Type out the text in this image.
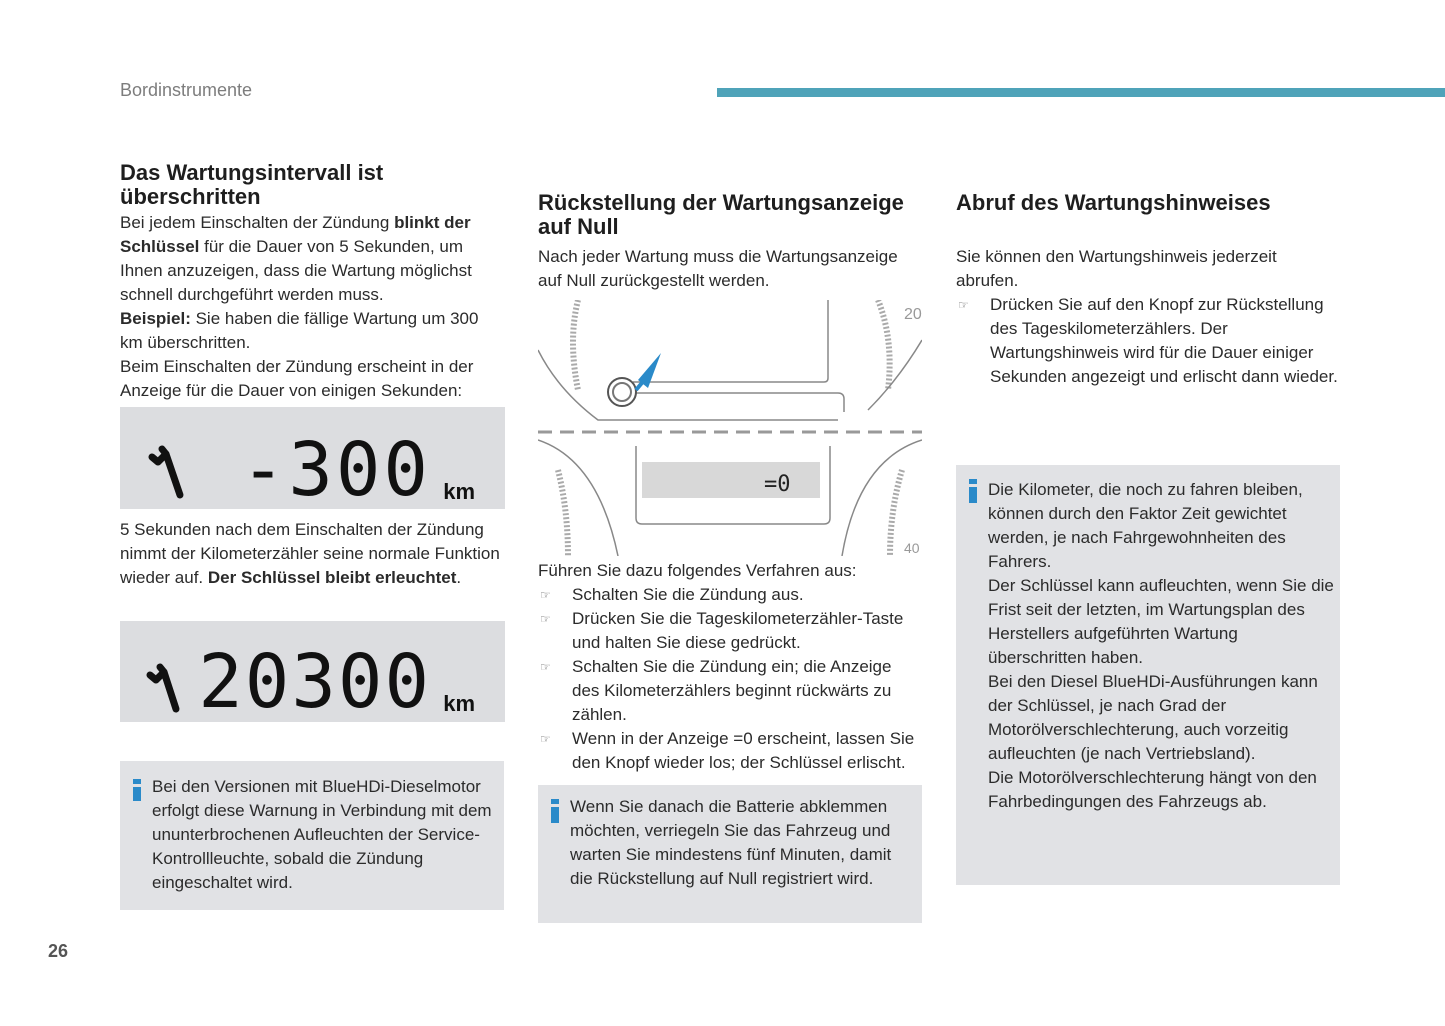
Bordinstrumente
26
Das Wartungsintervall ist überschritten

Bei jedem Einschalten der Zündung blinkt der Schlüssel für die Dauer von 5 Sekunden, um Ihnen anzuzeigen, dass die Wartung möglichst schnell durchgeführt werden muss.

Beispiel: Sie haben die fällige Wartung um 300 km überschritten.

Beim Einschalten der Zündung erscheint in der Anzeige für die Dauer von einigen Sekunden:

-300 km

5 Sekunden nach dem Einschalten der Zündung nimmt der Kilometerzähler seine normale Funktion wieder auf. Der Schlüssel bleibt erleuchtet.

20300 km
Bei den Versionen mit BlueHDi-Dieselmotor erfolgt diese Warnung in Verbindung mit dem ununterbrochenen Aufleuchten der Service-Kontrollleuchte, sobald die Zündung eingeschaltet wird.
Rückstellung der Wartungsanzeige auf Null

Nach jeder Wartung muss die Wartungsanzeige auf Null zurückgestellt werden.

20
40
=0

Führen Sie dazu folgendes Verfahren aus:

☞ Schalten Sie die Zündung aus.
☞ Drücken Sie die Tageskilometerzähler-Taste und halten Sie diese gedrückt.
☞ Schalten Sie die Zündung ein; die Anzeige des Kilometerzählers beginnt rückwärts zu zählen.
☞ Wenn in der Anzeige =0 erscheint, lassen Sie den Knopf wieder los; der Schlüssel erlischt.
Wenn Sie danach die Batterie abklemmen möchten, verriegeln Sie das Fahrzeug und warten Sie mindestens fünf Minuten, damit die Rückstellung auf Null registriert wird.
Abruf des Wartungshinweises

Sie können den Wartungshinweis jederzeit abrufen.

☞ Drücken Sie auf den Knopf zur Rückstellung des Tageskilometerzählers. Der Wartungshinweis wird für die Dauer einiger Sekunden angezeigt und erlischt dann wieder.
Die Kilometer, die noch zu fahren bleiben, können durch den Faktor Zeit gewichtet werden, je nach Fahrgewohnheiten des Fahrers.
Der Schlüssel kann aufleuchten, wenn Sie die Frist seit der letzten, im Wartungsplan des Herstellers aufgeführten Wartung überschritten haben.
Bei den Diesel BlueHDi-Ausführungen kann der Schlüssel, je nach Grad der Motorölverschlechterung, auch vorzeitig aufleuchten (je nach Vertriebsland).
Die Motorölverschlechterung hängt von den Fahrbedingungen des Fahrzeugs ab.
